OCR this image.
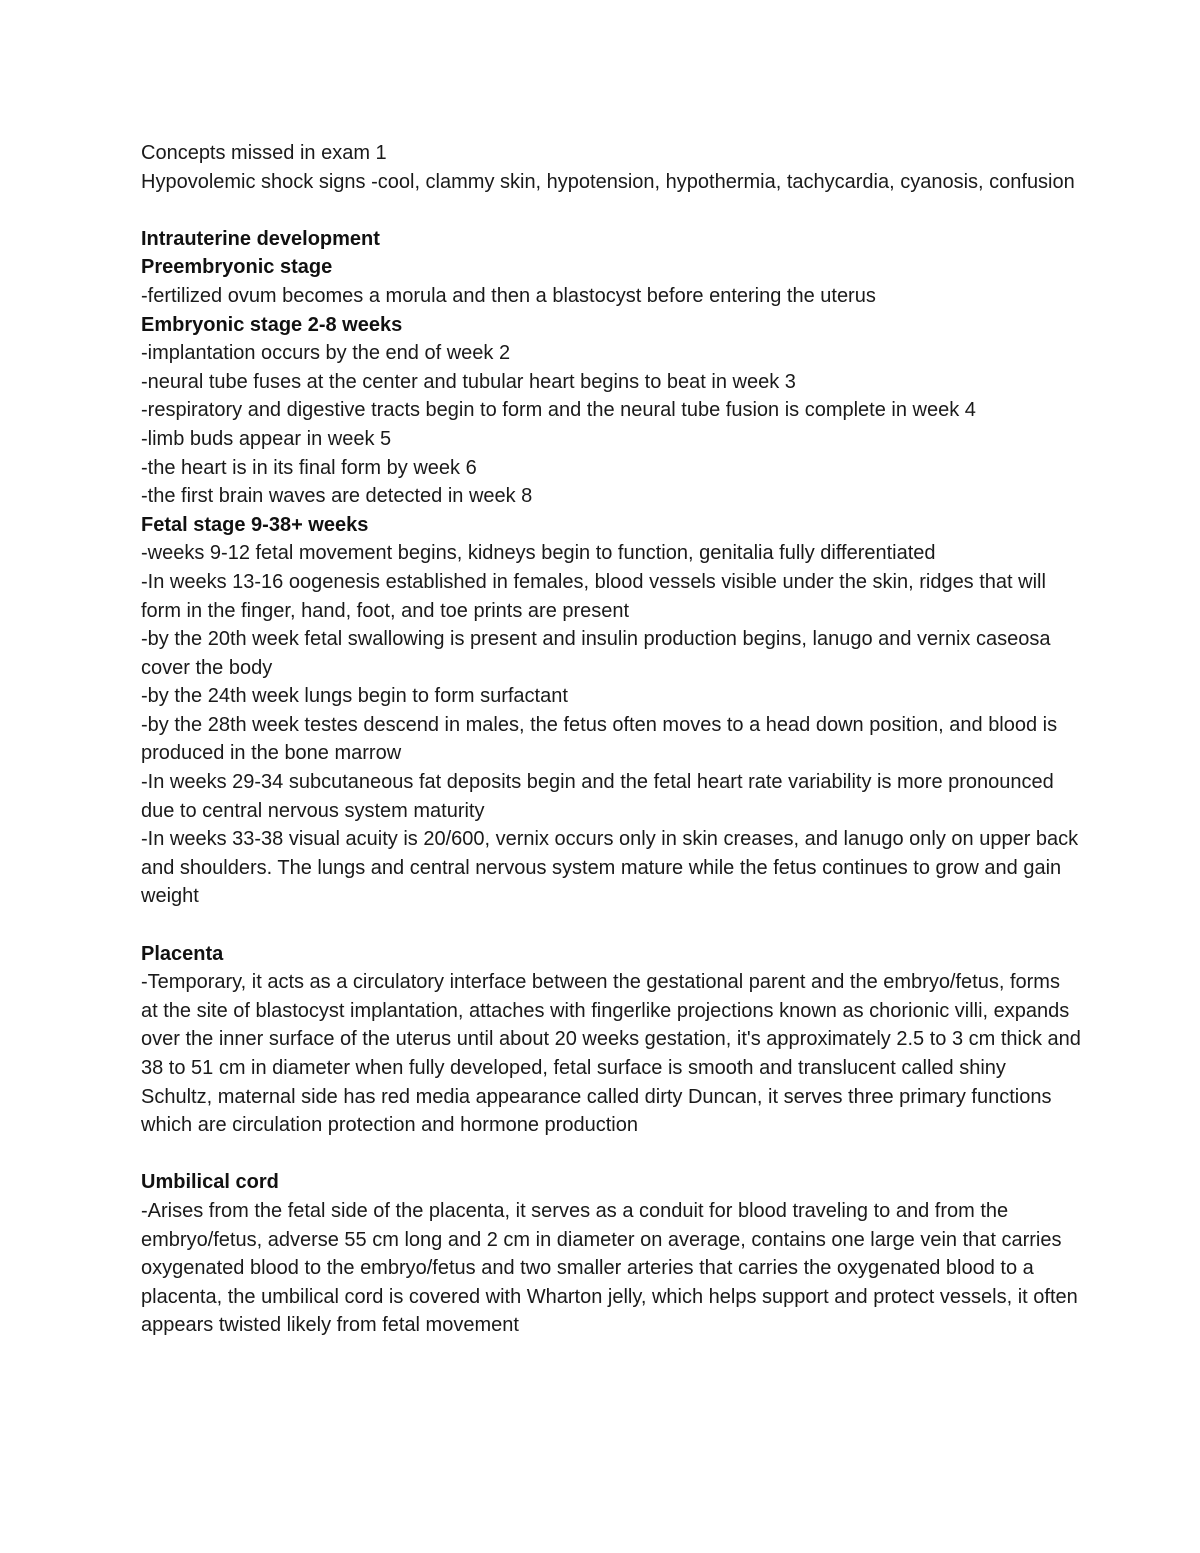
Concepts missed in exam 1

Hypovolemic shock signs -cool, clammy skin, hypotension, hypothermia, tachycardia, cyanosis, confusion

Intrauterine development

Preembryonic stage

-fertilized ovum becomes a morula and then a blastocyst before entering the uterus

Embryonic stage 2-8 weeks

-implantation occurs by the end of week 2

-neural tube fuses at the center and tubular heart begins to beat in week 3

-respiratory and digestive tracts begin to form and the neural tube fusion is complete in week 4

-limb buds appear in week 5

-the heart is in its final form by week 6

-the first brain waves are detected in week 8

Fetal stage 9-38+ weeks

-weeks 9-12 fetal movement begins, kidneys begin to function, genitalia fully differentiated

-In weeks 13-16 oogenesis established in females, blood vessels visible under the skin, ridges that will form in the finger, hand, foot, and toe prints are present

-by the 20th week fetal swallowing is present and insulin production begins, lanugo and vernix caseosa cover the body

-by the 24th week lungs begin to form surfactant

-by the 28th week testes descend in males, the fetus often moves to a head down position, and blood is produced in the bone marrow

-In weeks 29-34 subcutaneous fat deposits begin and the fetal heart rate variability is more pronounced due to central nervous system maturity

-In weeks 33-38 visual acuity is 20/600, vernix occurs only in skin creases, and lanugo only on upper back and shoulders. The lungs and central nervous system mature while the fetus continues to grow and gain weight

Placenta

-Temporary, it acts as a circulatory interface between the gestational parent and the embryo/fetus, forms at the site of blastocyst implantation, attaches with fingerlike projections known as chorionic villi, expands over the inner surface of the uterus until about 20 weeks gestation, it's approximately 2.5 to 3 cm thick and 38 to 51 cm in diameter when fully developed, fetal surface is smooth and translucent called shiny Schultz, maternal side has red media appearance called dirty Duncan, it serves three primary functions which are circulation protection and hormone production

Umbilical cord

-Arises from the fetal side of the placenta, it serves as a conduit for blood traveling to and from the embryo/fetus, adverse 55 cm long and 2 cm in diameter on average, contains one large vein that carries oxygenated blood to the embryo/fetus and two smaller arteries that carries the oxygenated blood to a placenta, the umbilical cord is covered with Wharton jelly, which helps support and protect vessels, it often appears twisted likely from fetal movement
